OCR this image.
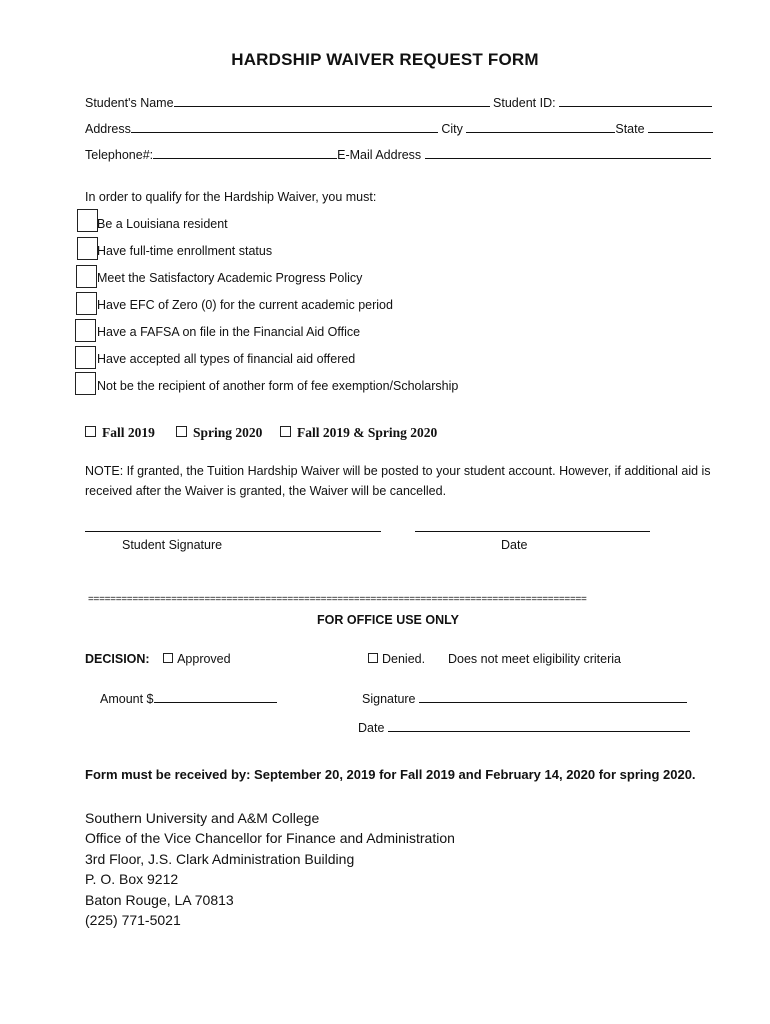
HARDSHIP WAIVER REQUEST FORM
Student's Name	Student ID:
Address	City	State
Telephone#:	E-Mail Address
In order to qualify for the Hardship Waiver, you must:
Be a Louisiana resident
Have full-time enrollment status
Meet the Satisfactory Academic Progress Policy
Have EFC of Zero (0) for the current academic period
Have a FAFSA on file in the Financial Aid Office
Have accepted all types of financial aid offered
Not be the recipient of another form of fee exemption/Scholarship
Fall 2019	Spring 2020	Fall 2019 & Spring 2020
NOTE: If granted, the Tuition Hardship Waiver will be posted to your student account. However, if additional aid is received after the Waiver is granted, the Waiver will be cancelled.
Student Signature	Date
==========================================================================================
FOR OFFICE USE ONLY
DECISION: Approved	Denied. Does not meet eligibility criteria
Amount $	Signature
Date
Form must be received by: September 20, 2019 for Fall 2019 and February 14, 2020 for spring 2020.
Southern University and A&M College
Office of the Vice Chancellor for Finance and Administration
3rd Floor, J.S. Clark Administration Building
P. O. Box 9212
Baton Rouge, LA 70813
(225) 771-5021
